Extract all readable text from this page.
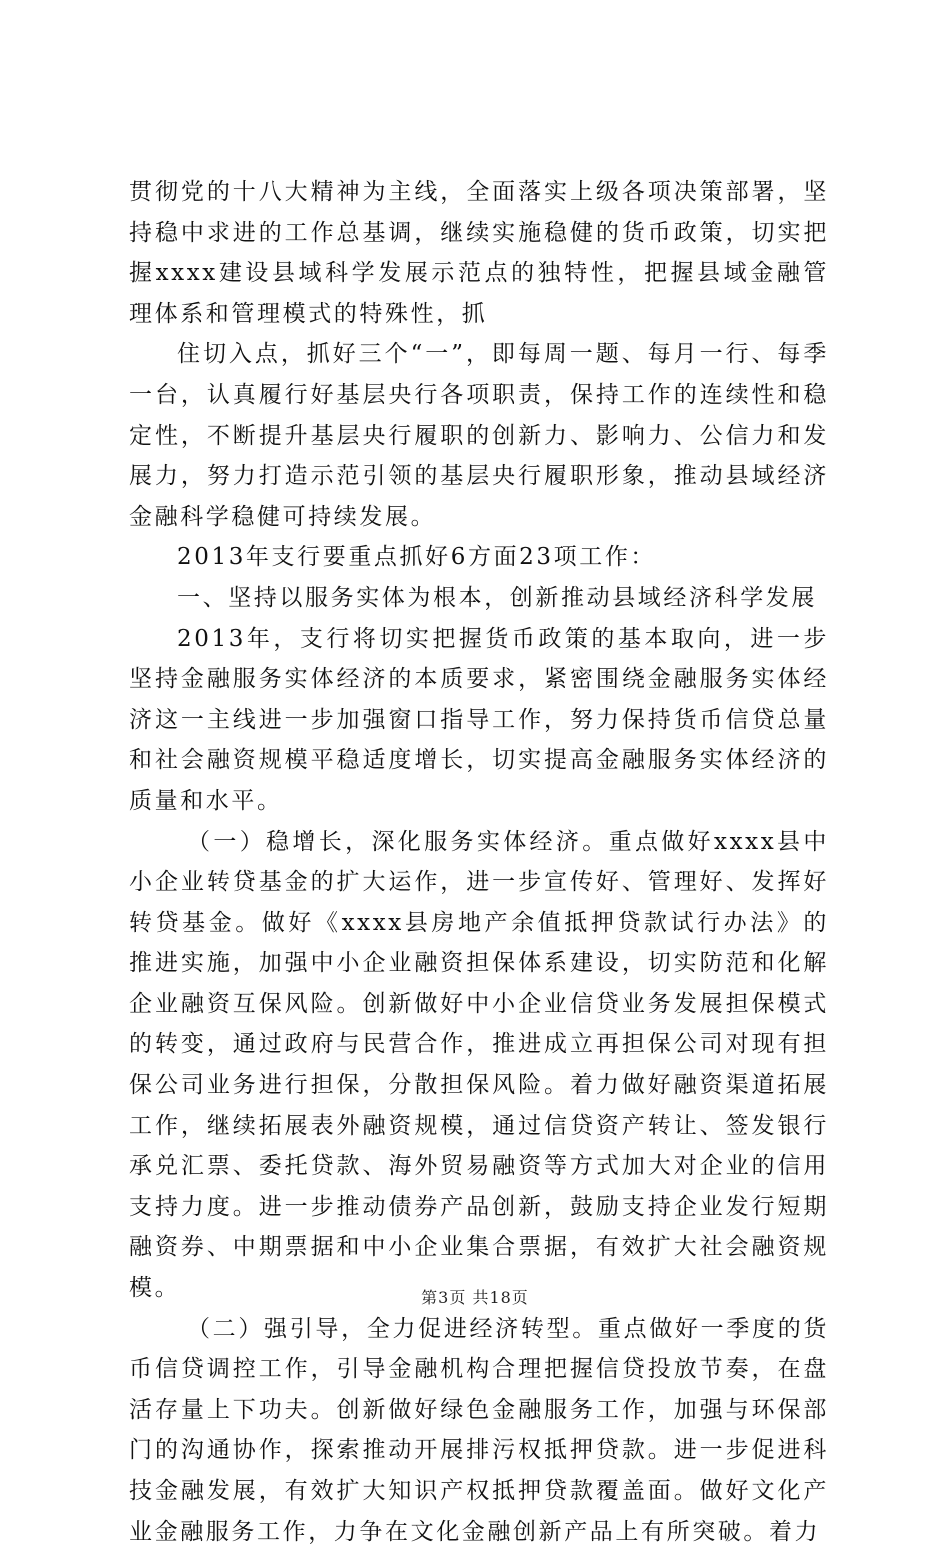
贯彻党的十八大精神为主线，全面落实上级各项决策部署，坚持稳中求进的工作总基调，继续实施稳健的货币政策，切实把握xxxx建设县域科学发展示范点的独特性，把握县域金融管理体系和管理模式的特殊性，抓

住切入点，抓好三个“一”，即每周一题、每月一行、每季一台，认真履行好基层央行各项职责，保持工作的连续性和稳定性，不断提升基层央行履职的创新力、影响力、公信力和发展力，努力打造示范引领的基层央行履职形象，推动县域经济金融科学稳健可持续发展。

2013年支行要重点抓好6方面23项工作：

一、坚持以服务实体为根本，创新推动县域经济科学发展

2013年，支行将切实把握货币政策的基本取向，进一步坚持金融服务实体经济的本质要求，紧密围绕金融服务实体经济这一主线进一步加强窗口指导工作，努力保持货币信贷总量和社会融资规模平稳适度增长，切实提高金融服务实体经济的质量和水平。

（一）稳增长，深化服务实体经济。重点做好xxxx县中小企业转贷基金的扩大运作，进一步宣传好、管理好、发挥好转贷基金。做好《xxxx县房地产余值抵押贷款试行办法》的推进实施，加强中小企业融资担保体系建设，切实防范和化解企业融资互保风险。创新做好中小企业信贷业务发展担保模式的转变，通过政府与民营合作，推进成立再担保公司对现有担保公司业务进行担保，分散担保风险。着力做好融资渠道拓展工作，继续拓展表外融资规模，通过信贷资产转让、签发银行承兑汇票、委托贷款、海外贸易融资等方式加大对企业的信用支持力度。进一步推动债券产品创新，鼓励支持企业发行短期融资券、中期票据和中小企业集合票据，有效扩大社会融资规模。

（二）强引导，全力促进经济转型。重点做好一季度的货币信贷调控工作，引导金融机构合理把握信贷投放节奏，在盘活存量上下功夫。创新做好绿色金融服务工作，加强与环保部门的沟通协作，探索推动开展排污权抵押贷款。进一步促进科技金融发展，有效扩大知识产权抵押贷款覆盖面。做好文化产业金融服务工作，力争在文化金融创新产品上有所突破。着力

第3页 共18页
